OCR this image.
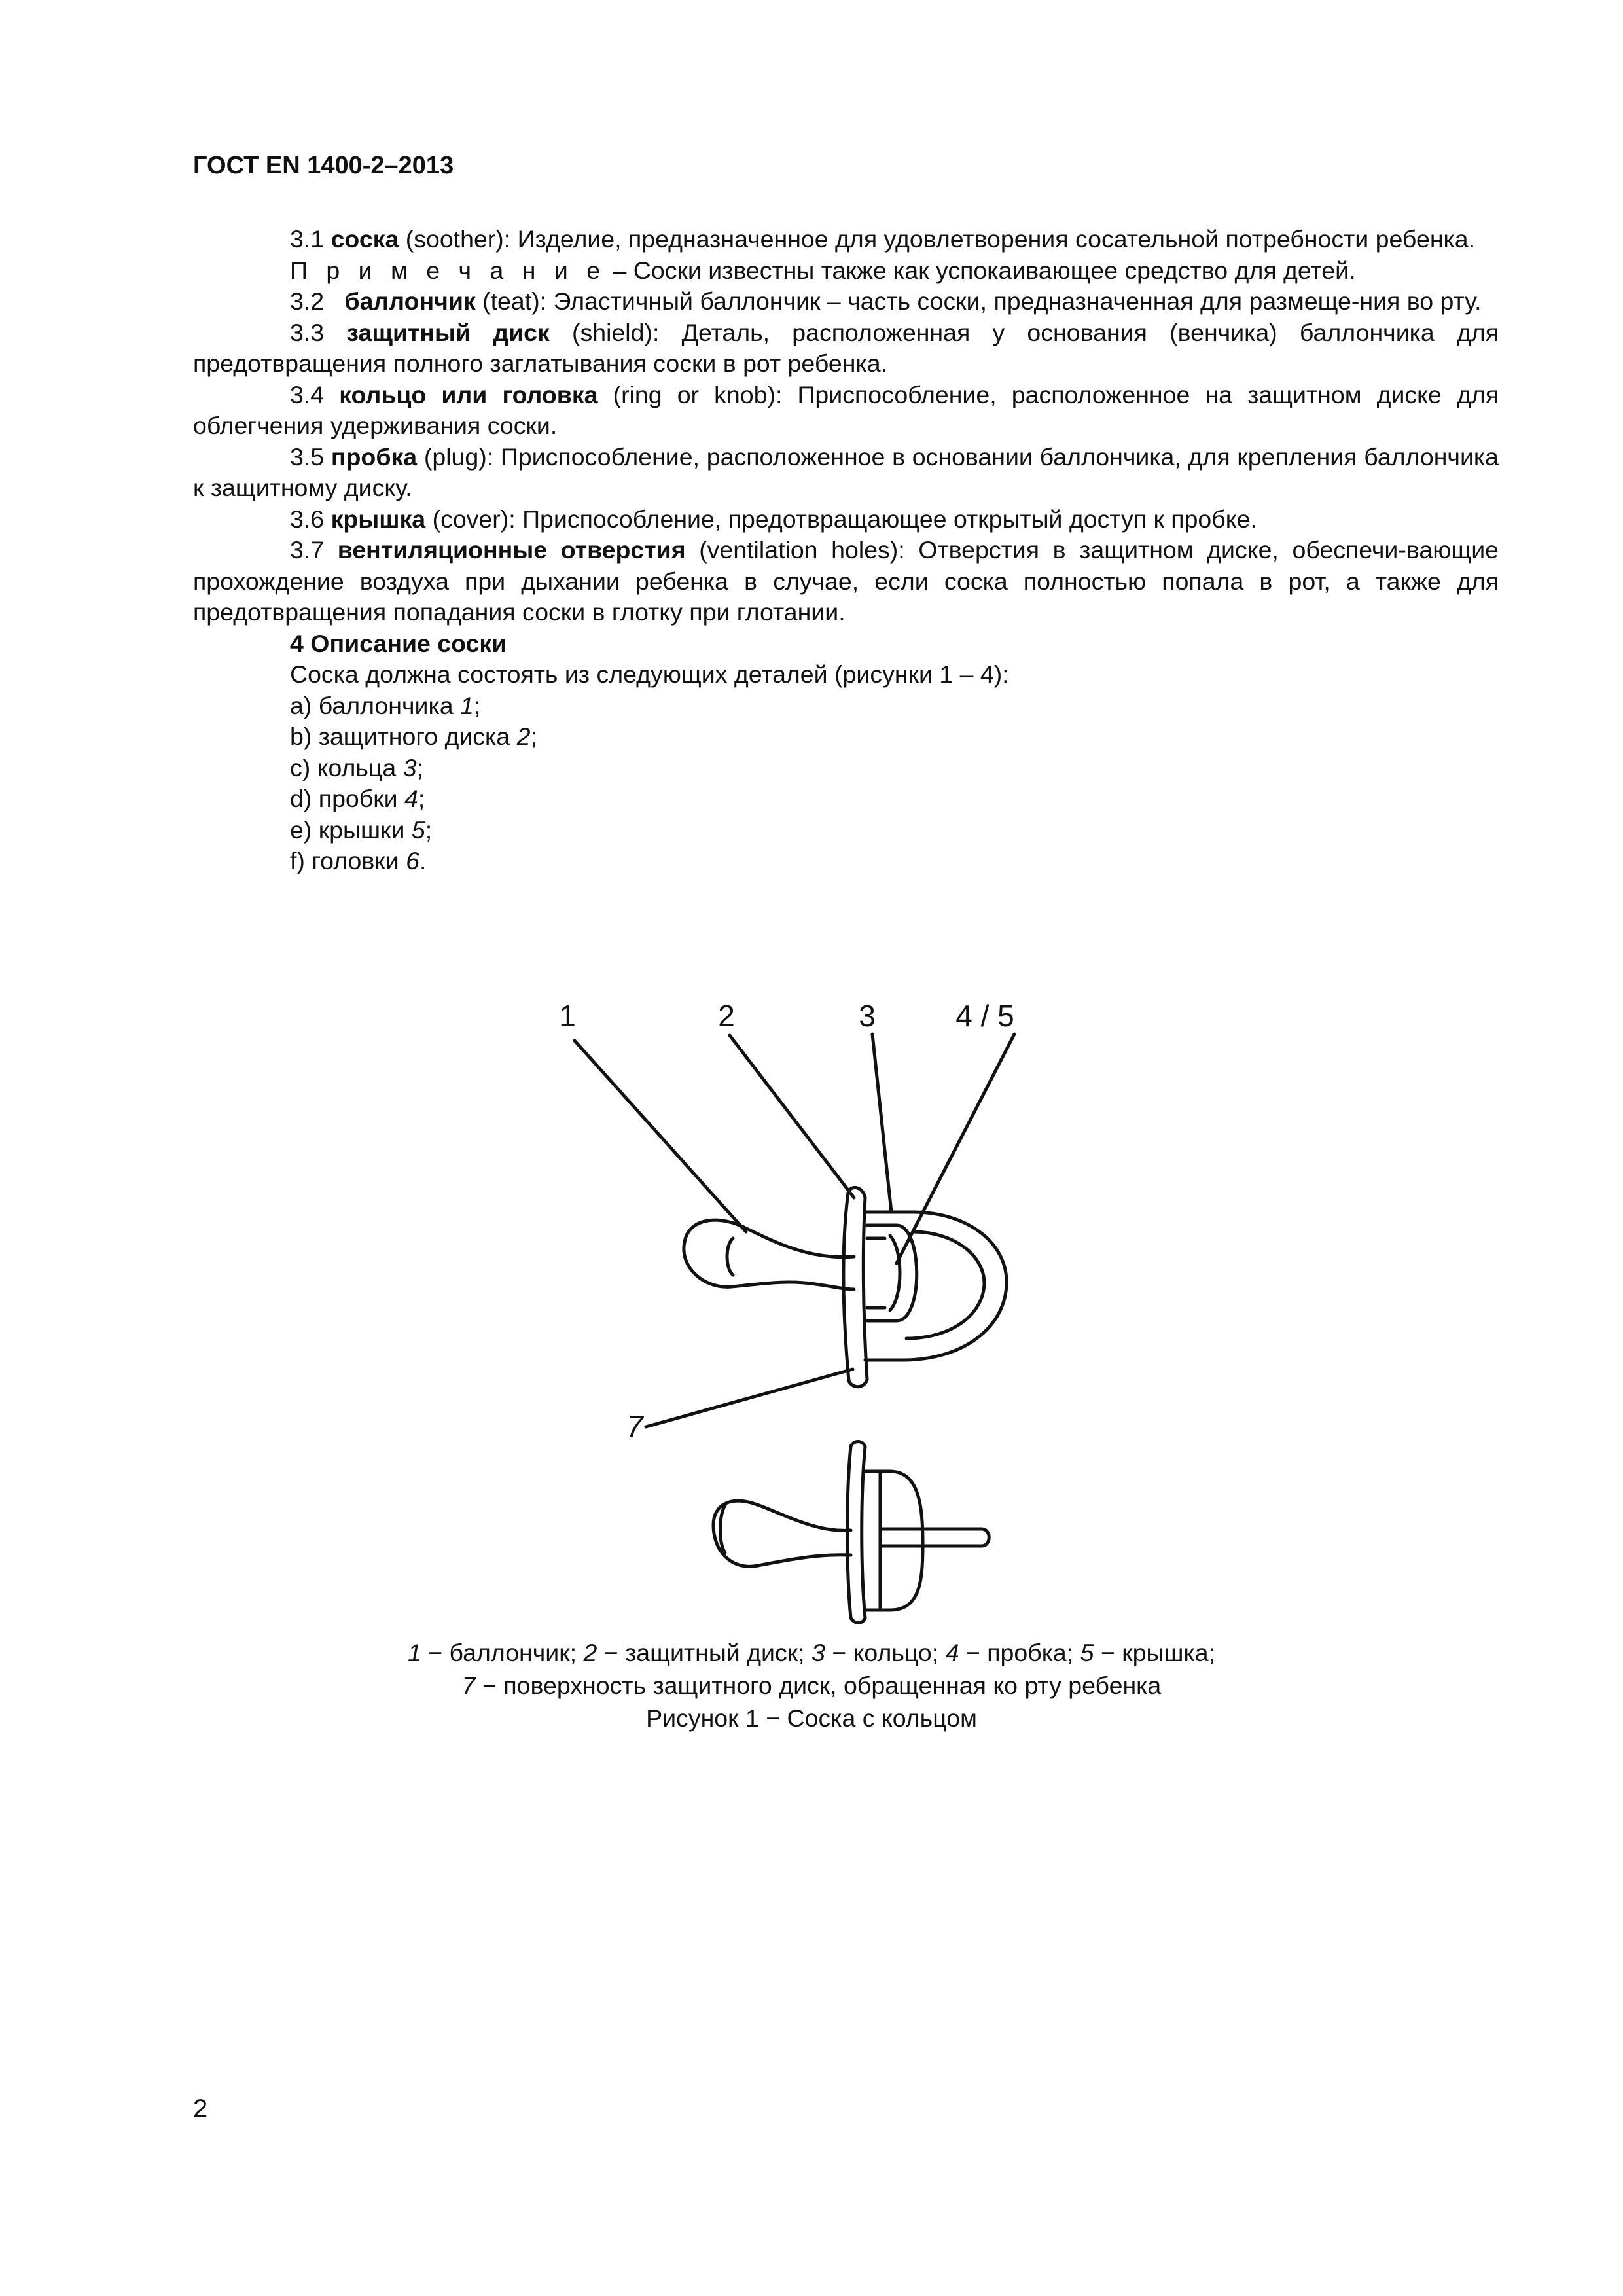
ГОСТ EN 1400-2–2013

3.1 соска (soother): Изделие, предназначенное для удовлетворения сосательной потребности ребенка.

П р и м е ч а н и е – Соски известны также как успокаивающее средство для детей.

3.2 баллончик (teat): Эластичный баллончик – часть соски, предназначенная для размеще-ния во рту.

3.3 защитный диск (shield): Деталь, расположенная у основания (венчика) баллончика для предотвращения полного заглатывания соски в рот ребенка.

3.4 кольцо или головка (ring or knob): Приспособление, расположенное на защитном диске для облегчения удерживания соски.

3.5 пробка (plug): Приспособление, расположенное в основании баллончика, для крепления баллончика к защитному диску.

3.6 крышка (cover): Приспособление, предотвращающее открытый доступ к пробке.

3.7 вентиляционные отверстия (ventilation holes): Отверстия в защитном диске, обеспечи-вающие прохождение воздуха при дыхании ребенка в случае, если соска полностью попала в рот, а также для предотвращения попадания соски в глотку при глотании.

4 Описание соски

Соска должна состоять из следующих деталей (рисунки 1 – 4):

a) баллончика 1;
b) защитного диска 2;
c) кольца 3;
d) пробки 4;
e) крышки 5;
f) головки 6.
1	2	3	4 / 5
7
1 − баллончик; 2 − защитный диск; 3 − кольцо; 4 − пробка; 5 − крышка;
7 − поверхность защитного диск, обращенная ко рту ребенка
Рисунок 1 − Соска с кольцом
2
